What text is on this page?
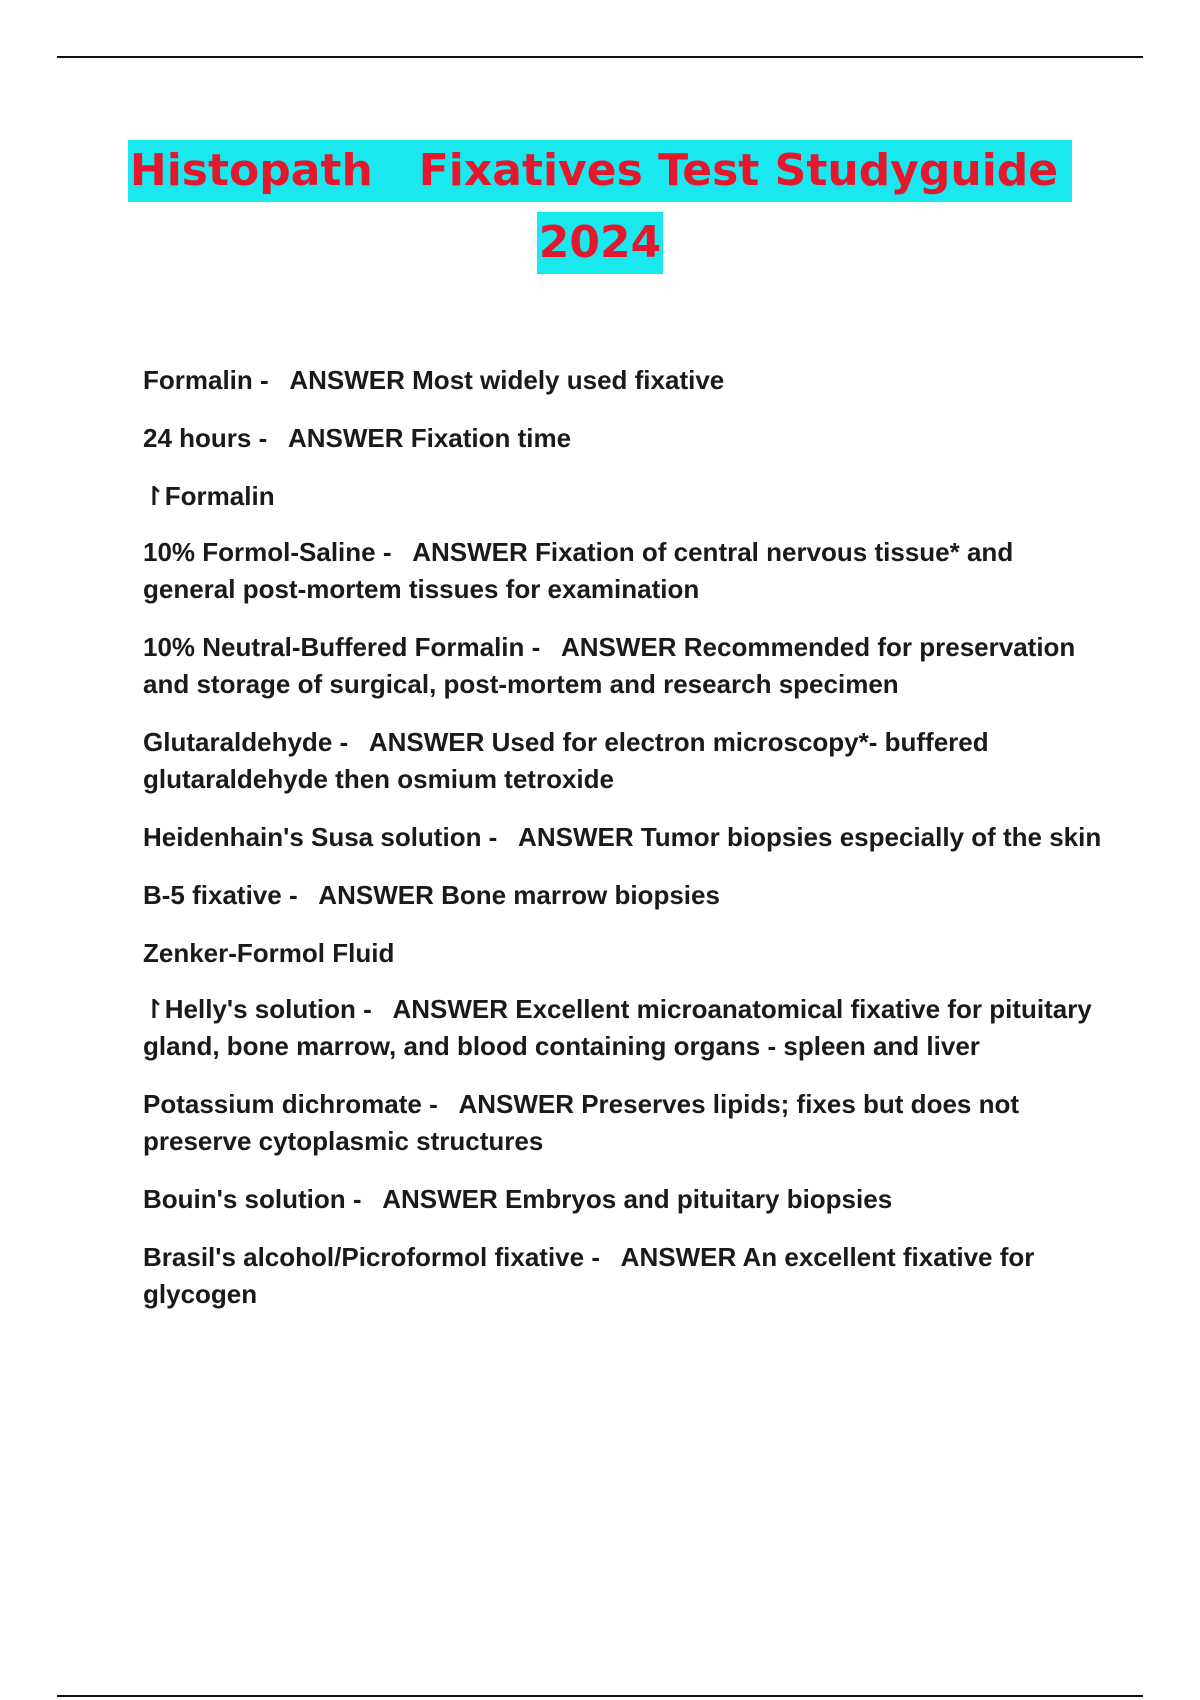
Histopath   Fixatives Test Studyguide
2024
Formalin -   ANSWER Most widely used fixative
24 hours -   ANSWER Fixation time
↾Formalin
10% Formol-Saline -   ANSWER Fixation of central nervous tissue* and general post-mortem tissues for examination
10% Neutral-Buffered Formalin -   ANSWER Recommended for preservation and storage of surgical, post-mortem and research specimen
Glutaraldehyde -   ANSWER Used for electron microscopy*- buffered glutaraldehyde then osmium tetroxide
Heidenhain's Susa solution -   ANSWER Tumor biopsies especially of the skin
B-5 fixative -   ANSWER Bone marrow biopsies
Zenker-Formol Fluid
↾Helly's solution -   ANSWER Excellent microanatomical fixative for pituitary gland, bone marrow, and blood containing organs - spleen and liver
Potassium dichromate -   ANSWER Preserves lipids; fixes but does not preserve cytoplasmic structures
Bouin's solution -   ANSWER Embryos and pituitary biopsies
Brasil's alcohol/Picroformol fixative -   ANSWER An excellent fixative for glycogen
